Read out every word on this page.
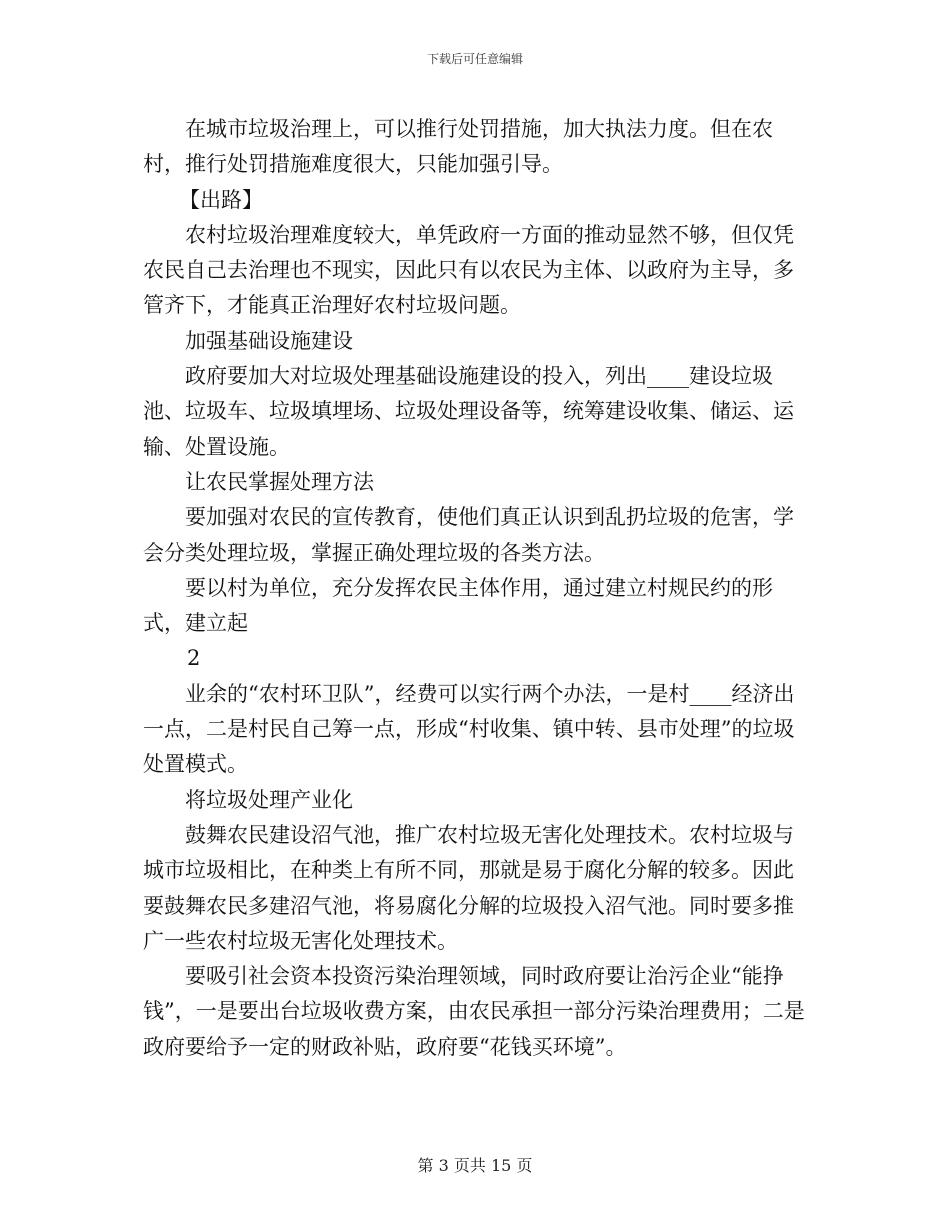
下载后可任意编辑

在城市垃圾治理上，可以推行处罚措施，加大执法力度。但在农村，推行处罚措施难度很大，只能加强引导。

【出路】

农村垃圾治理难度较大，单凭政府一方面的推动显然不够，但仅凭农民自己去治理也不现实，因此只有以农民为主体、以政府为主导，多管齐下，才能真正治理好农村垃圾问题。

加强基础设施建设

政府要加大对垃圾处理基础设施建设的投入，列出____建设垃圾池、垃圾车、垃圾填埋场、垃圾处理设备等，统筹建设收集、储运、运输、处置设施。

让农民掌握处理方法

要加强对农民的宣传教育，使他们真正认识到乱扔垃圾的危害，学会分类处理垃圾，掌握正确处理垃圾的各类方法。

要以村为单位，充分发挥农民主体作用，通过建立村规民约的形式，建立起

2

业余的“农村环卫队”，经费可以实行两个办法，一是村____经济出一点，二是村民自己筹一点，形成“村收集、镇中转、县市处理”的垃圾处置模式。

将垃圾处理产业化

鼓舞农民建设沼气池，推广农村垃圾无害化处理技术。农村垃圾与城市垃圾相比，在种类上有所不同，那就是易于腐化分解的较多。因此要鼓舞农民多建沼气池，将易腐化分解的垃圾投入沼气池。同时要多推广一些农村垃圾无害化处理技术。

要吸引社会资本投资污染治理领域，同时政府要让治污企业“能挣钱”，一是要出台垃圾收费方案，由农民承担一部分污染治理费用；二是政府要给予一定的财政补贴，政府要“花钱买环境”。

第 3 页共 15 页
